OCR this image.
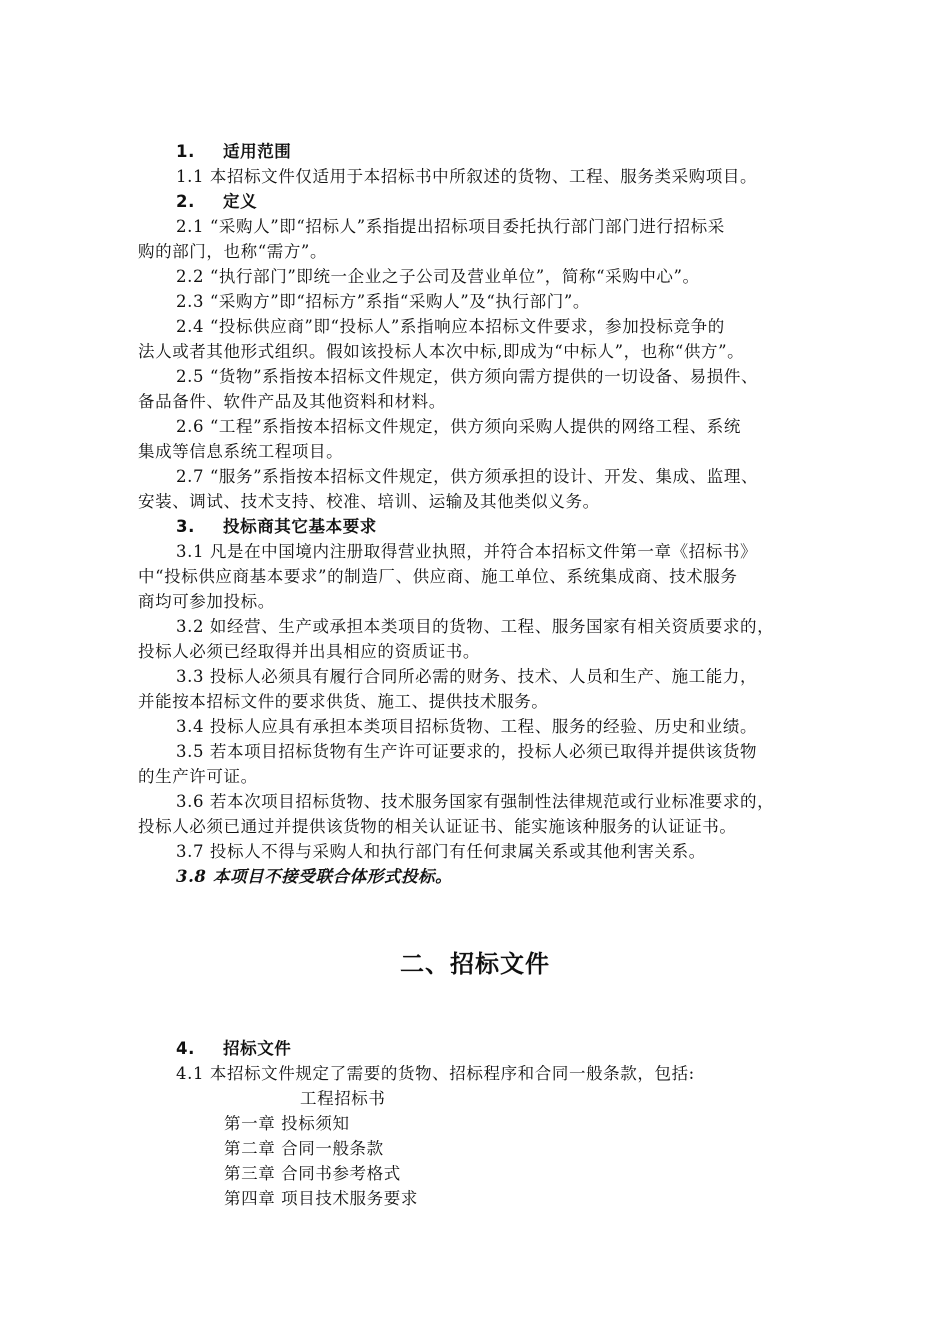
1. 适用范围
1.1 本招标文件仅适用于本招标书中所叙述的货物、工程、服务类采购项目。
2. 定义
2.1 “采购人”即“招标人”系指提出招标项目委托执行部门部门进行招标采
购的部门，也称“需方”。
2.2 “执行部门”即统一企业之子公司及营业单位”，简称“采购中心”。
2.3 “采购方”即“招标方”系指“采购人”及“执行部门”。
2.4 “投标供应商”即“投标人”系指响应本招标文件要求，参加投标竞争的
法人或者其他形式组织。假如该投标人本次中标,即成为“中标人”，也称“供方”。
2.5 “货物”系指按本招标文件规定，供方须向需方提供的一切设备、易损件、
备品备件、软件产品及其他资料和材料。
2.6 “工程”系指按本招标文件规定，供方须向采购人提供的网络工程、系统
集成等信息系统工程项目。
2.7 “服务”系指按本招标文件规定，供方须承担的设计、开发、集成、监理、
安装、调试、技术支持、校准、培训、运输及其他类似义务。
3. 投标商其它基本要求
3.1 凡是在中国境内注册取得营业执照，并符合本招标文件第一章《招标书》
中“投标供应商基本要求”的制造厂、供应商、施工单位、系统集成商、技术服务
商均可参加投标。
3.2 如经营、生产或承担本类项目的货物、工程、服务国家有相关资质要求的，
投标人必须已经取得并出具相应的资质证书。
3.3 投标人必须具有履行合同所必需的财务、技术、人员和生产、施工能力，
并能按本招标文件的要求供货、施工、提供技术服务。
3.4 投标人应具有承担本类项目招标货物、工程、服务的经验、历史和业绩。
3.5 若本项目招标货物有生产许可证要求的，投标人必须已取得并提供该货物
的生产许可证。
3.6 若本次项目招标货物、技术服务国家有强制性法律规范或行业标准要求的，
投标人必须已通过并提供该货物的相关认证证书、能实施该种服务的认证证书。
3.7 投标人不得与采购人和执行部门有任何隶属关系或其他利害关系。
3.8 本项目不接受联合体形式投标。
二、招标文件
4. 招标文件
4.1 本招标文件规定了需要的货物、招标程序和合同一般条款，包括:
工程招标书
第一章 投标须知
第二章 合同一般条款
第三章 合同书参考格式
第四章 项目技术服务要求
